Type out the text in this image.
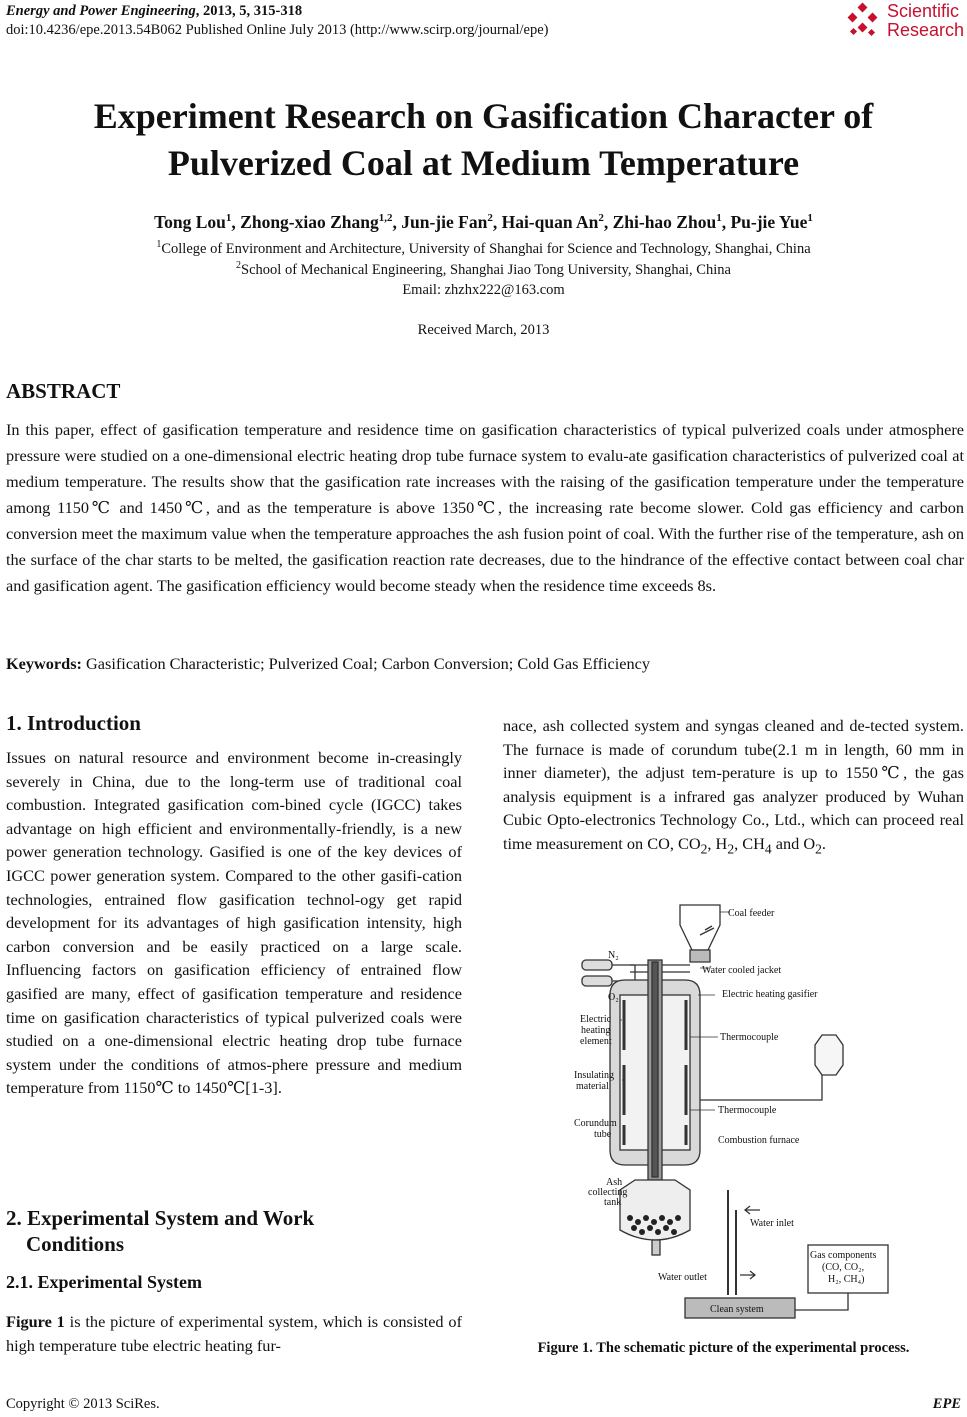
Energy and Power Engineering, 2013, 5, 315-318
doi:10.4236/epe.2013.54B062 Published Online July 2013 (http://www.scirp.org/journal/epe)
Scientific
Research
Experiment Research on Gasification Character of
Pulverized Coal at Medium Temperature
Tong Lou$^1$, Zhong-xiao Zhang$^{1,2}$, Jun-jie Fan$^2$, Hai-quan An$^2$, Zhi-hao Zhou$^1$, Pu-jie Yue$^1$
$^1$College of Environment and Architecture, University of Shanghai for Science and Technology, Shanghai, China
$^2$School of Mechanical Engineering, Shanghai Jiao Tong University, Shanghai, China
Email: zhzhx222@163.com
Received March, 2013
ABSTRACT
In this paper, effect of gasification temperature and residence time on gasification characteristics of typical pulverized coals under atmosphere pressure were studied on a one-dimensional electric heating drop tube furnace system to evalu-ate gasification characteristics of pulverized coal at medium temperature. The results show that the gasification rate increases with the raising of the gasification temperature under the temperature among 1150℃ and 1450℃, and as the temperature is above 1350℃, the increasing rate become slower. Cold gas efficiency and carbon conversion meet the maximum value when the temperature approaches the ash fusion point of coal. With the further rise of the temperature, ash on the surface of the char starts to be melted, the gasification reaction rate decreases, due to the hindrance of the effective contact between coal char and gasification agent. The gasification efficiency would become steady when the residence time exceeds 8s.
Keywords: Gasification Characteristic; Pulverized Coal; Carbon Conversion; Cold Gas Efficiency
1. Introduction
Issues on natural resource and environment become in-creasingly severely in China, due to the long-term use of traditional coal combustion. Integrated gasification com-bined cycle (IGCC) takes advantage on high efficient and environmentally-friendly, is a new power generation technology. Gasified is one of the key devices of IGCC power generation system. Compared to the other gasifi-cation technologies, entrained flow gasification technol-ogy get rapid development for its advantages of high gasification intensity, high carbon conversion and be easily practiced on a large scale. Influencing factors on gasification efficiency of entrained flow gasified are many, effect of gasification temperature and residence time on gasification characteristics of typical pulverized coals were studied on a one-dimensional electric heating drop tube furnace system under the conditions of atmos-phere pressure and medium temperature from 1150℃ to 1450℃[1-3].
2. Experimental System and Work
Conditions
2.1. Experimental System
Figure 1 is the picture of experimental system, which is consisted of high temperature tube electric heating fur-
nace, ash collected system and syngas cleaned and de-tected system. The furnace is made of corundum tube(2.1 m in length, 60 mm in inner diameter), the adjust tem-perature is up to 1550℃, the gas analysis equipment is a infrared gas analyzer produced by Wuhan Cubic Opto-electronics Technology Co., Ltd., which can proceed real time measurement on CO, $CO_2$, $H_2$, $CH_4$ and $O_2$.
Coal feeder
N₂
O₂
Water cooled jacket
Electric heating gasifier
Electric
heating
element	Thermocouple
Insulating
material
Thermocouple
Corundum
tube
Combustion furnace
Ash
collecting
tank
Water inlet
Water outlet
Gas components
(CO, CO₂,
H₂, CH₄)
Clean system
Figure 1. The schematic picture of the experimental process.
Copyright © 2013 SciRes.	EPE
